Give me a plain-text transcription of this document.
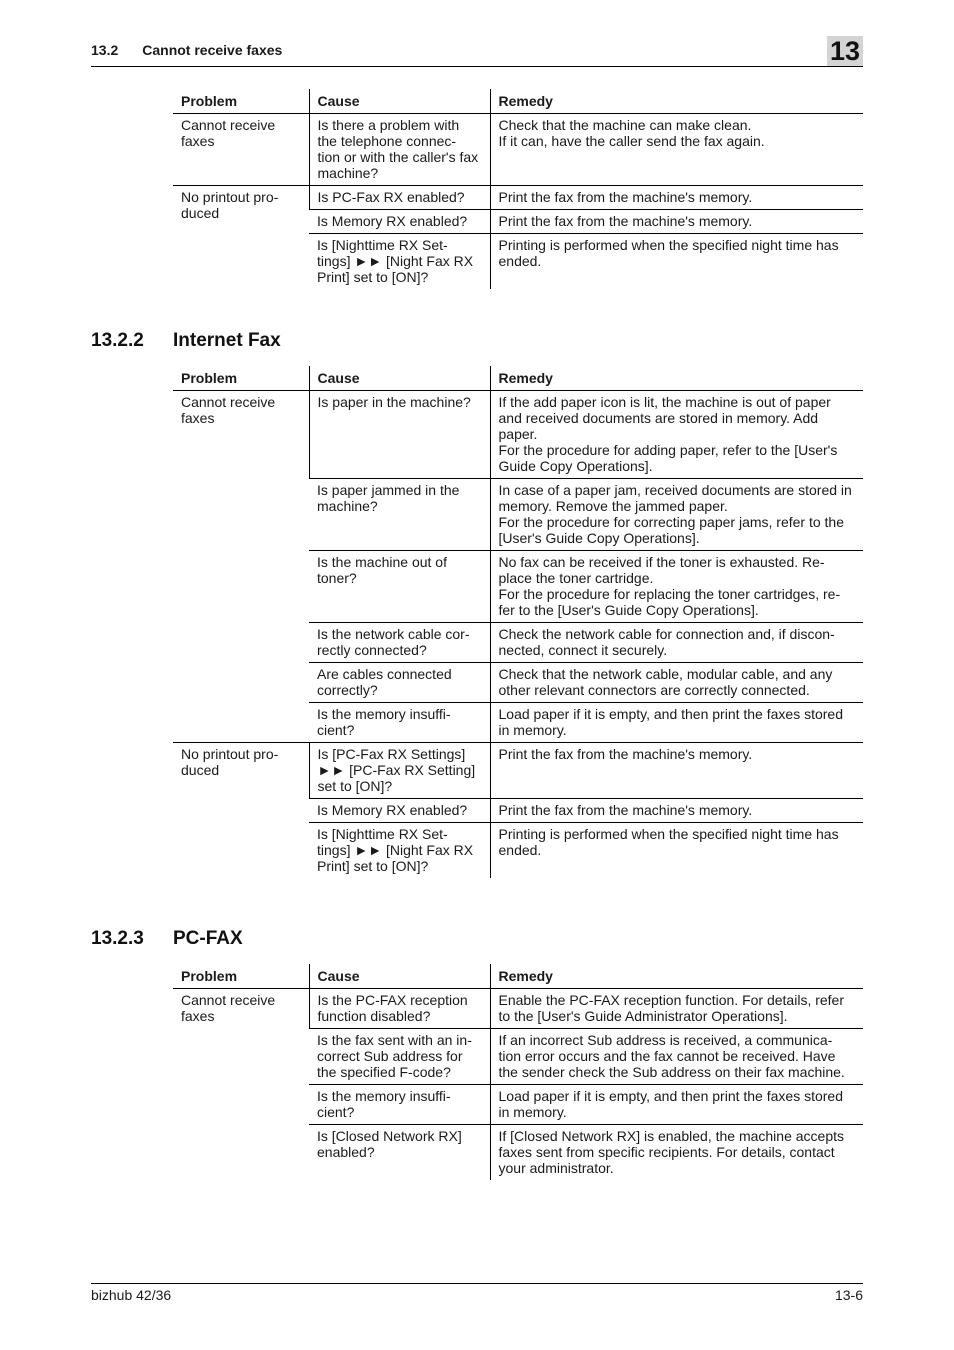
13.2 Cannot receive faxes	13
Problem	Cause	Remedy
Cannot receive faxes	Is there a problem with the telephone connec- tion or with the caller's fax machine?	Check that the machine can make clean.
If it can, have the caller send the fax again.

No printout pro- duced	Is PC-Fax RX enabled?	Print the fax from the machine's memory.
	Is Memory RX enabled?	Print the fax from the machine's memory.
	Is [Nighttime RX Set- tings] ►► [Night Fax RX Print] set to [ON]?	Printing is performed when the specified night time has ended.
13.2.2 Internet Fax
Problem	Cause	Remedy
Cannot receive faxes	Is paper in the machine?	If the add paper icon is lit, the machine is out of paper and received documents are stored in memory. Add paper.
For the procedure for adding paper, refer to the [User's Guide Copy Operations].

	Is paper jammed in the machine?	In case of a paper jam, received documents are stored in memory. Remove the jammed paper.
For the procedure for correcting paper jams, refer to the [User's Guide Copy Operations].

	Is the machine out of toner?	No fax can be received if the toner is exhausted. Re- place the toner cartridge.
For the procedure for replacing the toner cartridges, re- fer to the [User's Guide Copy Operations].

	Is the network cable cor- rectly connected?	Check the network cable for connection and, if discon- nected, connect it securely.
	Are cables connected correctly?	Check that the network cable, modular cable, and any other relevant connectors are correctly connected.
	Is the memory insuffi- cient?	Load paper if it is empty, and then print the faxes stored in memory.
No printout pro- duced	Is [PC-Fax RX Settings] ►► [PC-Fax RX Setting] set to [ON]?	Print the fax from the machine's memory.
	Is Memory RX enabled?	Print the fax from the machine's memory.
	Is [Nighttime RX Set- tings] ►► [Night Fax RX Print] set to [ON]?	Printing is performed when the specified night time has ended.
13.2.3 PC-FAX
Problem	Cause	Remedy
Cannot receive faxes	Is the PC-FAX reception function disabled?	Enable the PC-FAX reception function. For details, refer to the [User's Guide Administrator Operations].
	Is the fax sent with an in- correct Sub address for the specified F-code?	If an incorrect Sub address is received, a communica- tion error occurs and the fax cannot be received. Have the sender check the Sub address on their fax machine.
	Is the memory insuffi- cient?	Load paper if it is empty, and then print the faxes stored in memory.
	Is [Closed Network RX] enabled?	If [Closed Network RX] is enabled, the machine accepts faxes sent from specific recipients. For details, contact your administrator.
bizhub 42/36	13-6
